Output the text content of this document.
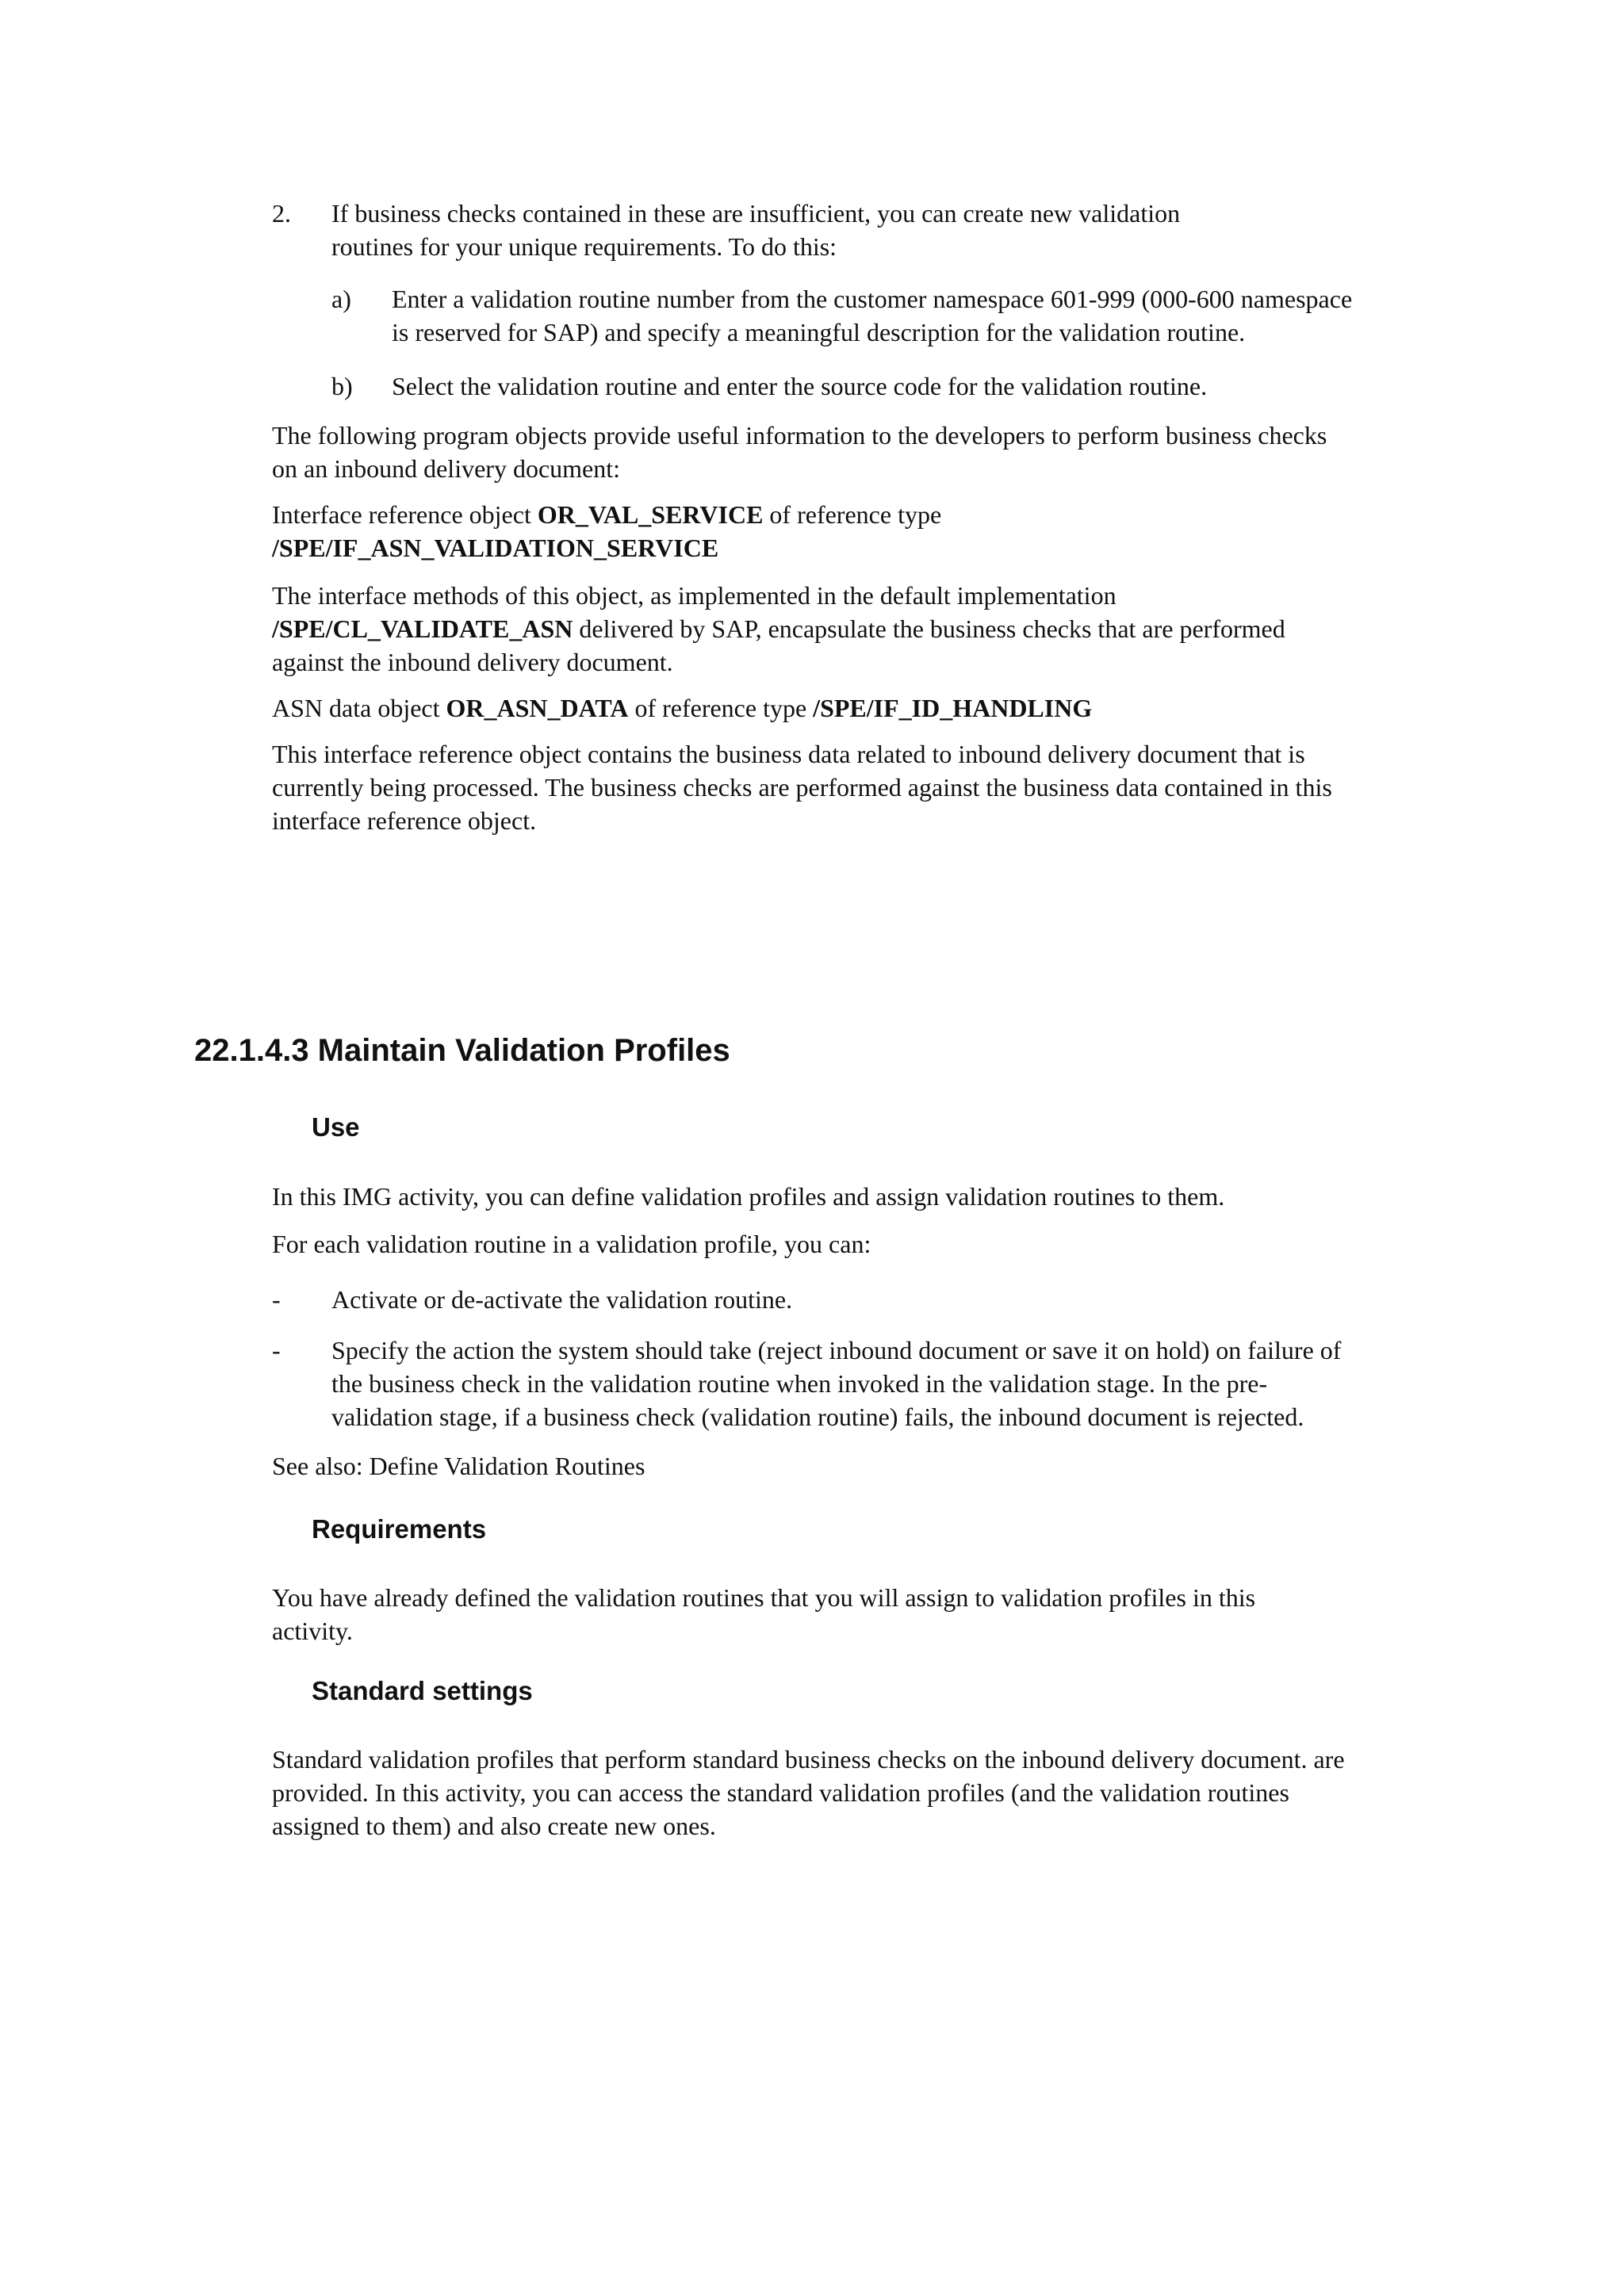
2. If business checks contained in these are insufficient, you can create new validation
routines for your unique requirements. To do this:
a) Enter a validation routine number from the customer namespace 601-999 (000-600 namespace
is reserved for SAP) and specify a meaningful description for the validation routine.
b) Select the validation routine and enter the source code for the validation routine.
The following program objects provide useful information to the developers to perform business checks
on an inbound delivery document:
Interface reference object OR_VAL_SERVICE of reference type
/SPE/IF_ASN_VALIDATION_SERVICE
The interface methods of this object, as implemented in the default implementation
/SPE/CL_VALIDATE_ASN delivered by SAP, encapsulate the business checks that are performed
against the inbound delivery document.
ASN data object OR_ASN_DATA of reference type /SPE/IF_ID_HANDLING
This interface reference object contains the business data related to inbound delivery document that is
currently being processed. The business checks are performed against the business data contained in this
interface reference object.
22.1.4.3 Maintain Validation Profiles
Use
In this IMG activity, you can define validation profiles and assign validation routines to them.
For each validation routine in a validation profile, you can:
- Activate or de-activate the validation routine.
- Specify the action the system should take (reject inbound document or save it on hold) on failure of
the business check in the validation routine when invoked in the validation stage. In the pre-
validation stage, if a business check (validation routine) fails, the inbound document is rejected.
See also: Define Validation Routines
Requirements
You have already defined the validation routines that you will assign to validation profiles in this
activity.
Standard settings
Standard validation profiles that perform standard business checks on the inbound delivery document. are
provided. In this activity, you can access the standard validation profiles (and the validation routines
assigned to them) and also create new ones.
